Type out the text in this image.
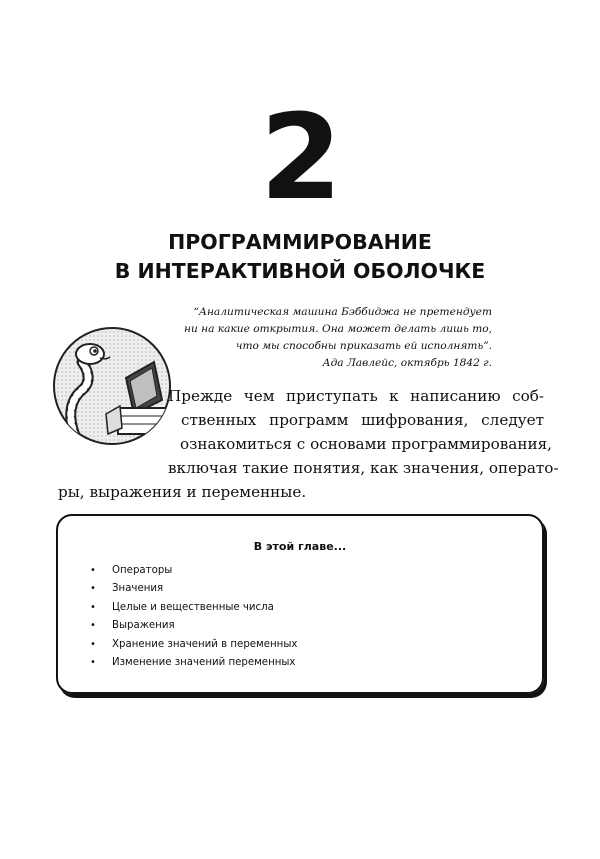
2
ПРОГРАММИРОВАНИЕ
В ИНТЕРАКТИВНОЙ ОБОЛОЧКЕ
“Аналитическая машина Бэббиджа не претендует
ни на какие открытия. Она может делать лишь то,
что мы способны приказать ей исполнять”.
Ада Лавлейс, октябрь 1842 г.
Прежде чем приступать к написанию соб-
ственных программ шифрования, следует
ознакомиться с основами программирования,
включая такие понятия, как значения, операто-
ры, выражения и переменные.
В этой главе...
• Операторы
• Значения
• Целые и вещественные числа
• Выражения
• Хранение значений в переменных
• Изменение значений переменных
